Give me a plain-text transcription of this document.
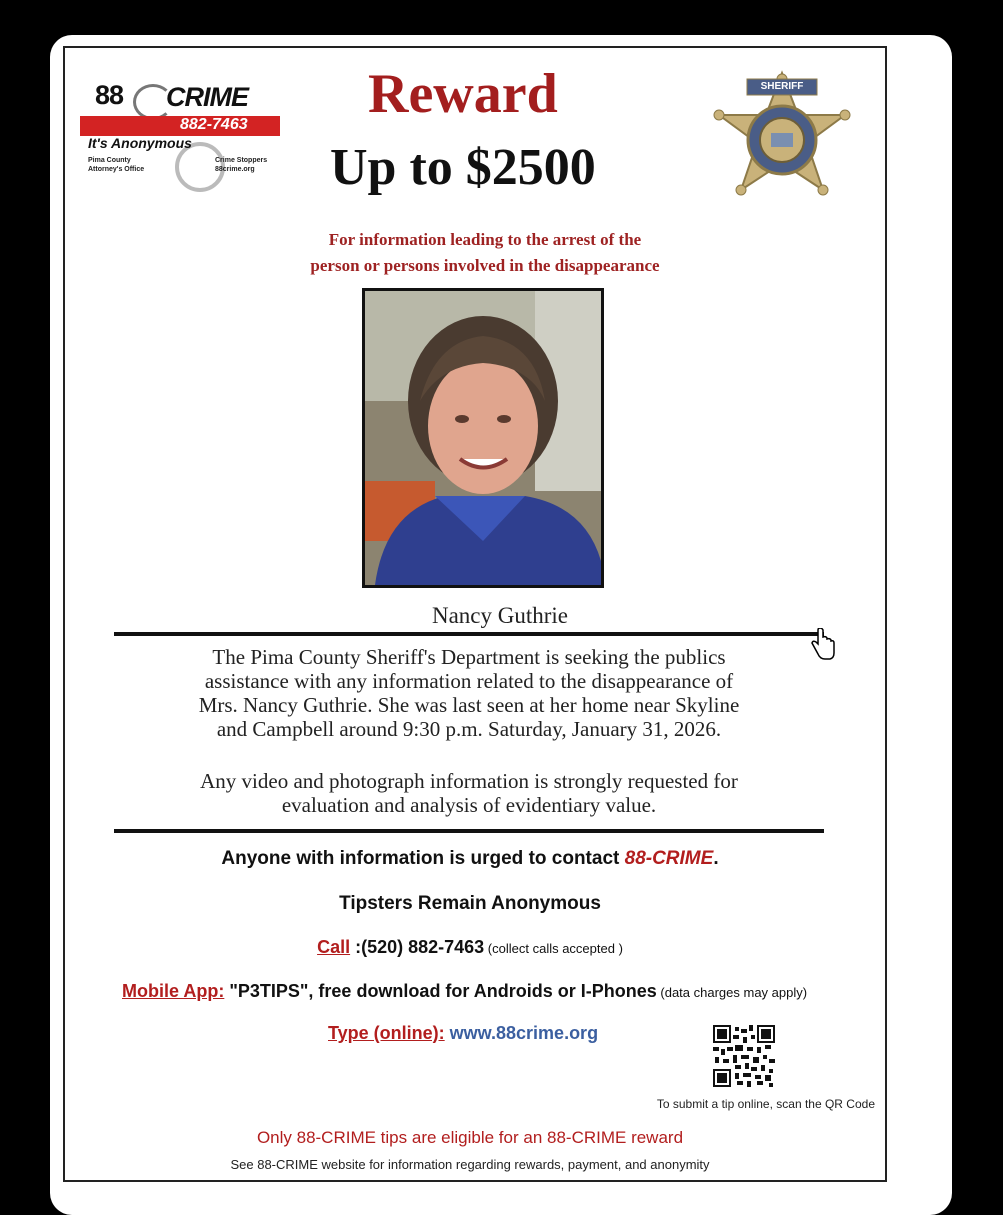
88 CRIME
882-7463
It's Anonymous
Pima County
Attorney's Office
Crime Stoppers
88crime.org
Reward
Up to $2500
SHERIFF
For information leading to the arrest of the
person or persons involved in the disappearance
Nancy Guthrie
The Pima County Sheriff's Department is seeking the publics
assistance with any information related to the disappearance of
Mrs. Nancy Guthrie. She was last seen at her home near Skyline
and Campbell around 9:30 p.m. Saturday, January 31, 2026.
Any video and photograph information is strongly requested for
evaluation and analysis of evidentiary value.
Anyone with information is urged to contact 88-CRIME.
Tipsters Remain Anonymous
Call :(520) 882-7463 (collect calls accepted )
Mobile App: "P3TIPS", free download for Androids or I-Phones (data charges may apply)
Type (online): www.88crime.org
To submit a tip online, scan the QR Code
Only 88-CRIME tips are eligible for an 88-CRIME reward
See 88-CRIME website for information regarding rewards, payment, and anonymity
